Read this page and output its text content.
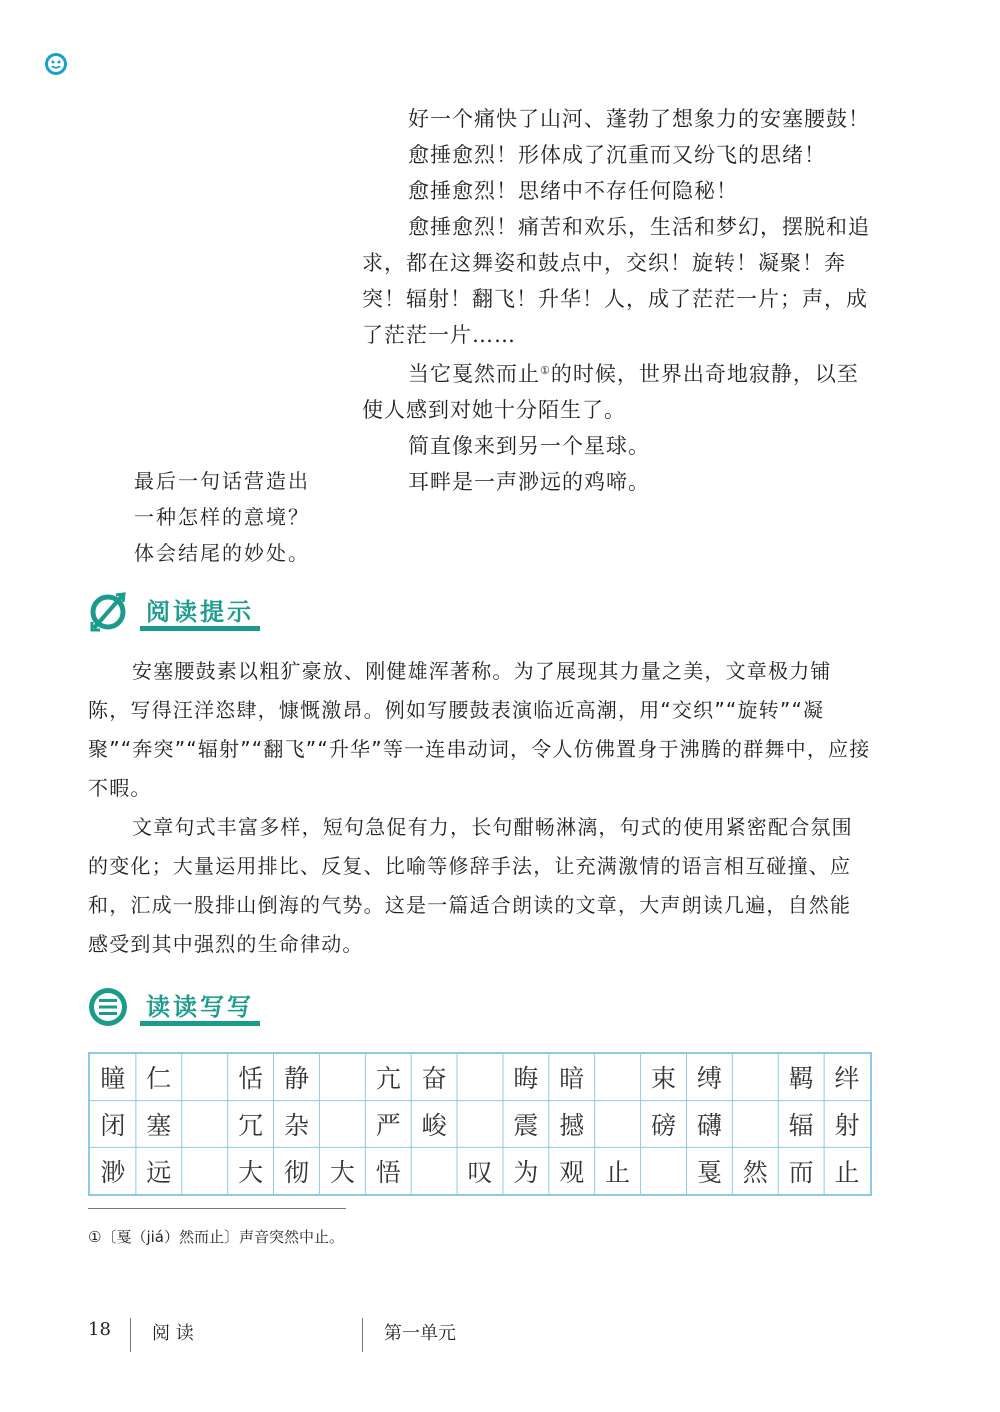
好一个痛快了山河、蓬勃了想象力的安塞腰鼓！

愈捶愈烈！形体成了沉重而又纷飞的思绪！

愈捶愈烈！思绪中不存任何隐秘！

愈捶愈烈！痛苦和欢乐，生活和梦幻，摆脱和追求，都在这舞姿和鼓点中，交织！旋转！凝聚！奔突！辐射！翻飞！升华！人，成了茫茫一片；声，成了茫茫一片……

当它戛然而止①的时候，世界出奇地寂静，以至使人感到对她十分陌生了。

简直像来到另一个星球。

耳畔是一声渺远的鸡啼。

最后一句话营造出一种怎样的意境？体会结尾的妙处。
阅读提示

安塞腰鼓素以粗犷豪放、刚健雄浑著称。为了展现其力量之美，文章极力铺陈，写得汪洋恣肆，慷慨激昂。例如写腰鼓表演临近高潮，用“交织”“旋转”“凝聚”“奔突”“辐射”“翻飞”“升华”等一连串动词，令人仿佛置身于沸腾的群舞中，应接不暇。

文章句式丰富多样，短句急促有力，长句酣畅淋漓，句式的使用紧密配合氛围的变化；大量运用排比、反复、比喻等修辞手法，让充满激情的语言相互碰撞、应和，汇成一股排山倒海的气势。这是一篇适合朗读的文章，大声朗读几遍，自然能感受到其中强烈的生命律动。

读读写写
瞳 仁	恬 静	亢 奋	晦 暗	束 缚	羁 绊
闭 塞	冗 杂	严 峻	震 撼	磅 礴	辐 射
渺 远	大 彻 大 悟	叹 为 观 止	戛 然 而 止
①〔戛（jiá）然而止〕声音突然中止。
18 阅 读	第一单元
